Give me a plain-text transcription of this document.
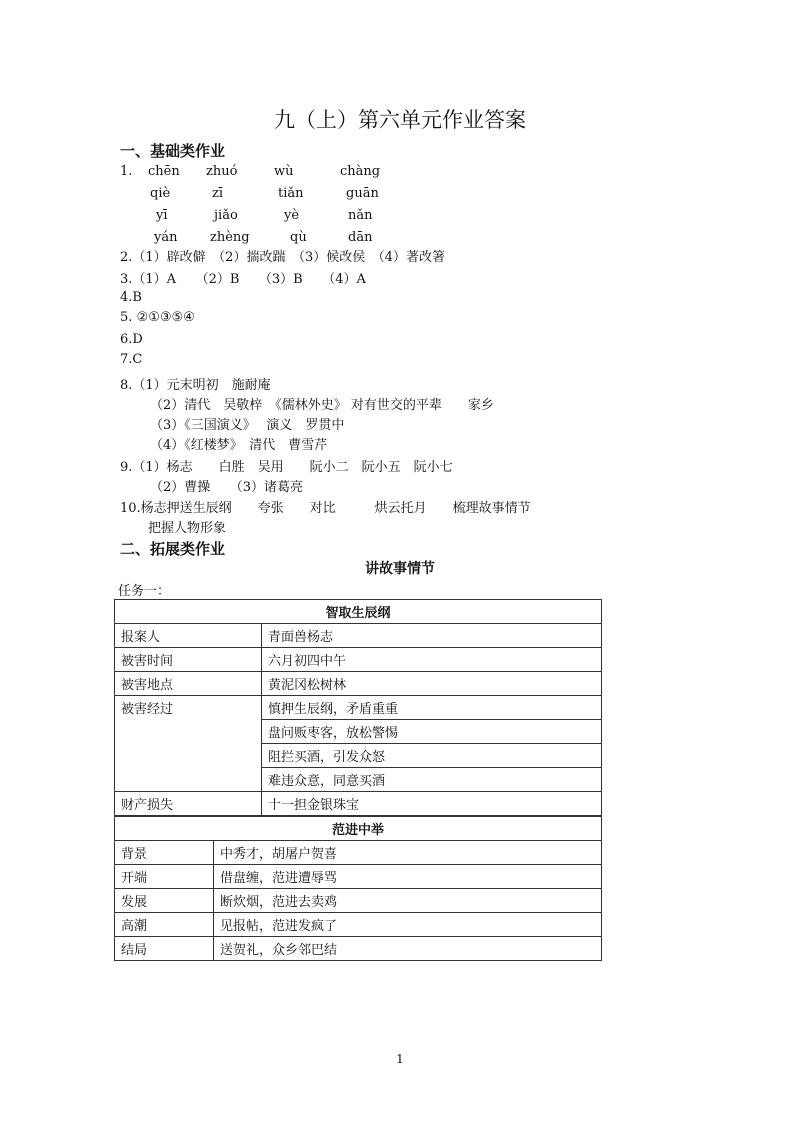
九（上）第六单元作业答案
一、基础类作业
1. chēn zhuó	wù	chàng
qiè	zī	tiǎn	guān
yī	jiǎo	yè	nǎn
yán	zhèng	qù	dān
2.（1）辟改僻　（2）揣改踹　（3）候改侯　（4）著改箸
3.（1）A　　（2）B　　（3）B　　（4）A
4.B
5. ②①③⑤④
6.D
7.C
8.（1）元末明初　施耐庵
（2）清代　吴敬梓　《儒林外史》 对有世交的平辈　　家乡
（3）《三国演义》　 演义　罗贯中
（4）《红楼梦》　清代　曹雪芹
9.（1）杨志　　白胜　吴用　　阮小二　阮小五　阮小七
（2）曹操　　（3）诸葛亮
10.杨志押送生辰纲　　夸张　　对比　　　烘云托月　　梳理故事情节
把握人物形象
二、拓展类作业
讲故事情节
任务一：
智取生辰纲	
报案人	青面兽杨志
被害时间	六月初四中午
被害地点	黄泥冈松树林
被害经过	慎押生辰纲，矛盾重重
	盘问贩枣客，放松警惕
	阻拦买酒，引发众怒
	难违众意，同意买酒
财产损失	十一担金银珠宝
范进中举	
背景	中秀才，胡屠户贺喜
开端	借盘缠，范进遭辱骂
发展	断炊烟，范进去卖鸡
高潮	见报帖，范进发疯了
结局	送贺礼，众乡邻巴结
1
